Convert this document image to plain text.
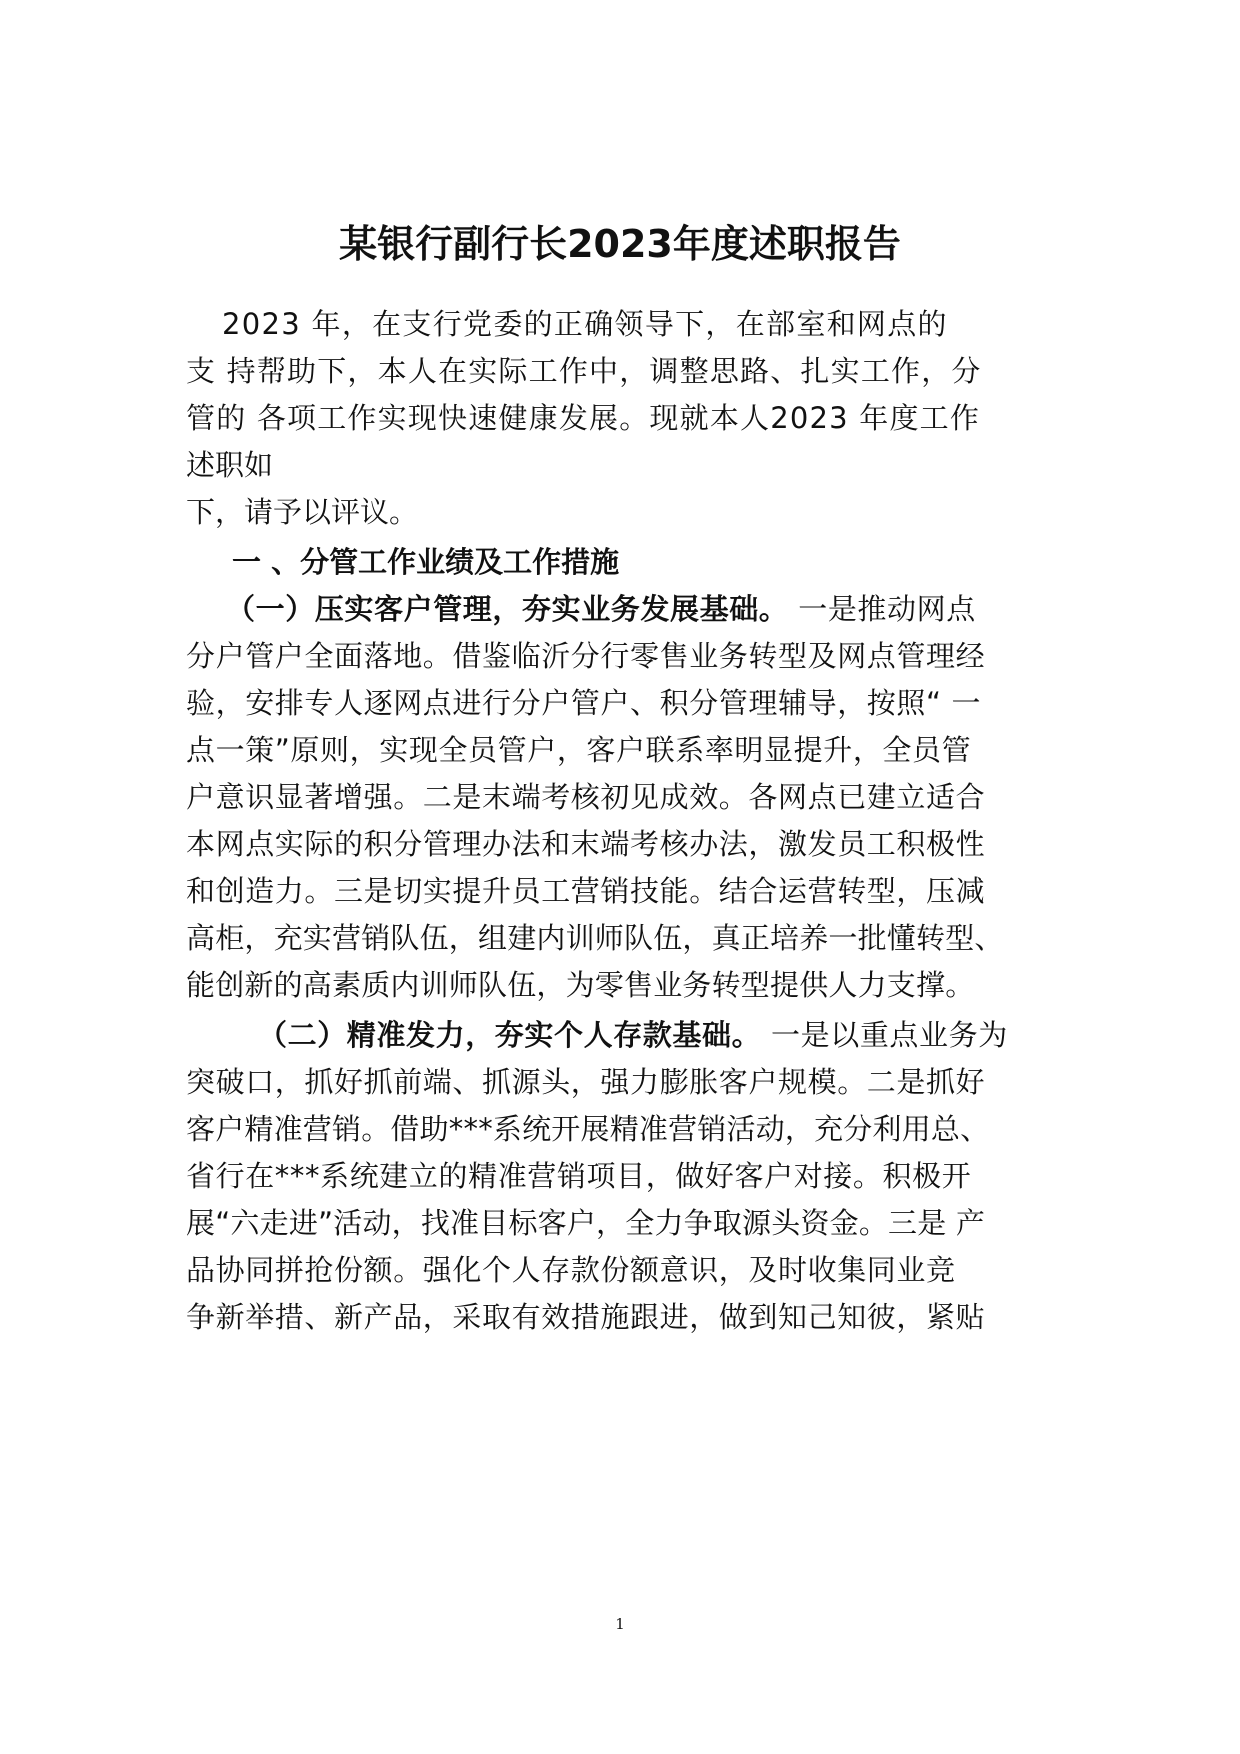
某银行副行长2023年度述职报告

2023 年，在支行党委的正确领导下，在部室和网点的

支 持帮助下，本人在实际工作中，调整思路、扎实工作，分

管的 各项工作实现快速健康发展。现就本人2023 年度工作

述职如

下，请予以评议。

一 、分管工作业绩及工作措施

（一）压实客户管理，夯实业务发展基础。 一是推动网点

分户管户全面落地。借鉴临沂分行零售业务转型及网点管理经

验，安排专人逐网点进行分户管户、积分管理辅导，按照“ 一

点一策”原则，实现全员管户，客户联系率明显提升，全员管

户意识显著增强。二是末端考核初见成效。各网点已建立适合

本网点实际的积分管理办法和末端考核办法，激发员工积极性

和创造力。三是切实提升员工营销技能。结合运营转型，压减

高柜，充实营销队伍，组建内训师队伍，真正培养一批懂转型、

能创新的高素质内训师队伍，为零售业务转型提供人力支撑。

（二）精准发力，夯实个人存款基础。 一是以重点业务为

突破口，抓好抓前端、抓源头，强力膨胀客户规模。二是抓好

客户精准营销。借助***系统开展精准营销活动，充分利用总、

省行在***系统建立的精准营销项目，做好客户对接。积极开

展“六走进”活动，找准目标客户，全力争取源头资金。三是 产

品协同拼抢份额。强化个人存款份额意识，及时收集同业竞

争新举措、新产品，采取有效措施跟进，做到知己知彼，紧贴

1
